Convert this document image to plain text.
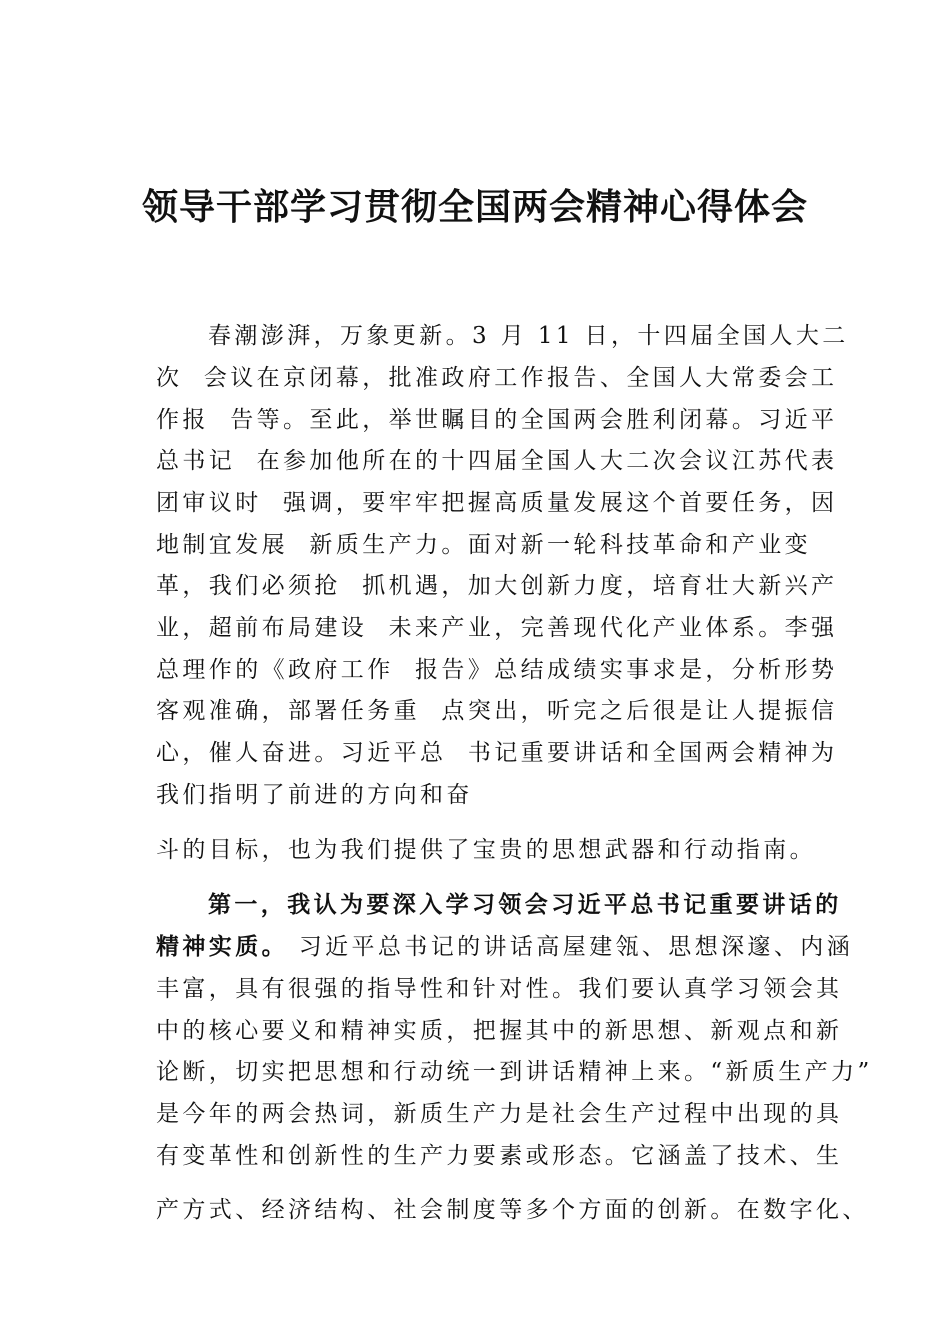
领导干部学习贯彻全国两会精神心得体会
春潮澎湃，万象更新。3 月 11 日，十四届全国人大二
次  会议在京闭幕，批准政府工作报告、全国人大常委会工
作报  告等。至此，举世瞩目的全国两会胜利闭幕。习近平
总书记  在参加他所在的十四届全国人大二次会议江苏代表
团审议时  强调，要牢牢把握高质量发展这个首要任务，因
地制宜发展  新质生产力。面对新一轮科技革命和产业变
革，我们必须抢  抓机遇，加大创新力度，培育壮大新兴产
业，超前布局建设  未来产业，完善现代化产业体系。李强
总理作的《政府工作  报告》总结成绩实事求是，分析形势
客观准确，部署任务重  点突出，听完之后很是让人提振信
心，催人奋进。习近平总  书记重要讲话和全国两会精神为
我们指明了前进的方向和奋
斗的目标，也为我们提供了宝贵的思想武器和行动指南。
第一，我认为要深入学习领会习近平总书记重要讲话的
精神实质。 习近平总书记的讲话高屋建瓴、思想深邃、内涵
丰富，具有很强的指导性和针对性。我们要认真学习领会其
中的核心要义和精神实质，把握其中的新思想、新观点和新
论断，切实把思想和行动统一到讲话精神上来。“新质生产力”
是今年的两会热词，新质生产力是社会生产过程中出现的具
有变革性和创新性的生产力要素或形态。它涵盖了技术、生
产方式、经济结构、社会制度等多个方面的创新。在数字化、
